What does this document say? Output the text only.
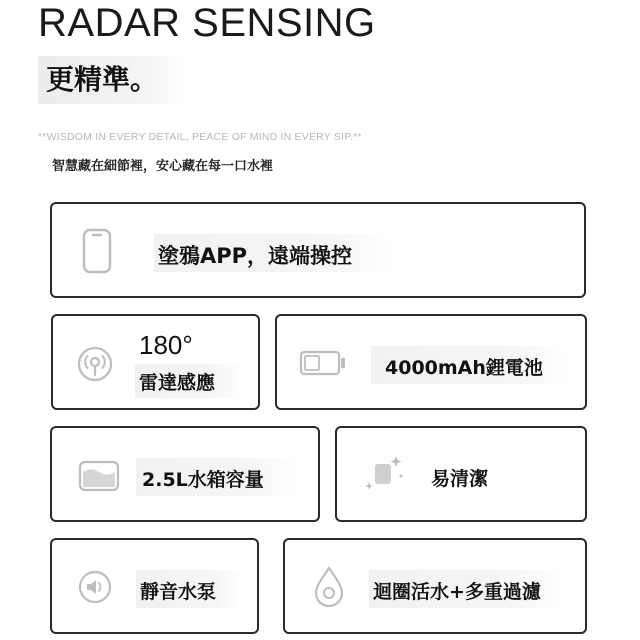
RADAR SENSING
更精準。
**WISDOM IN EVERY DETAIL, PEACE OF MIND IN EVERY SIP.**
智慧藏在細節裡，安心藏在每一口水裡
塗鴉APP，遠端操控
180°
雷達感應
4000mAh鋰電池
2.5L水箱容量	易清潔
靜音水泵	迴圈活水+多重過濾
